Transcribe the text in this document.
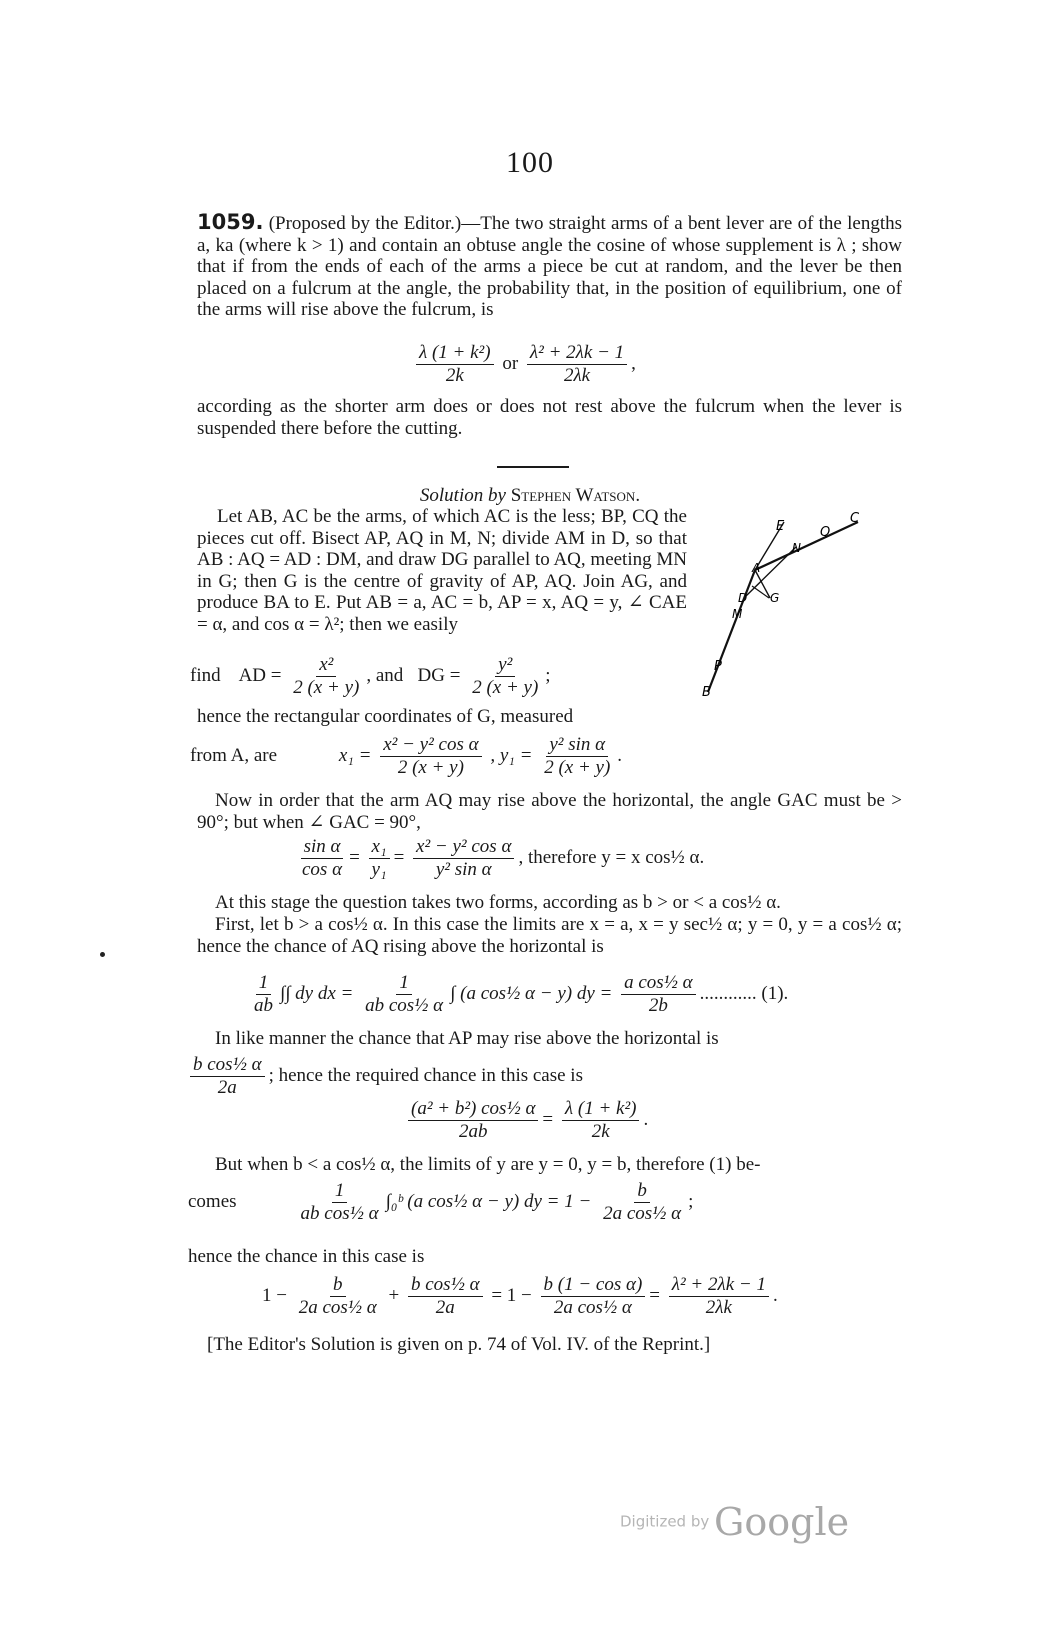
100
1059. (Proposed by the Editor.)—The two straight arms of a bent lever are of the lengths a, ka (where k > 1) and contain an obtuse angle the cosine of whose supplement is λ ; show that if from the ends of each of the arms a piece be cut at random, and the lever be then placed on a fulcrum at the angle, the probability that, in the position of equilibrium, one of the arms will rise above the fulcrum, is
$\frac{\text{λ (1 + k²)}}{2k}$ or $\frac{\text{λ² + 2λk − 1}}{2\lambda k}$ ,
according as the shorter arm does or does not rest above the fulcrum when the lever is suspended there before the cutting.
Solution by Stephen Watson.
Let AB, AC be the arms, of which AC is the less; BP, CQ the pieces cut off. Bisect AP, AQ in M, N; divide AM in D, so that AB : AQ = AD : DM, and draw DG parallel to AQ, meeting MN in G; then G is the centre of gravity of AP, AQ. Join AG, and produce BA to E. Put AB = a, AC = b, AP = x, AQ = y, ∠ CAE = α, and cos α = λ²; then we easily
E	Q
C
N
A
D G
M
P
B
find AD = $\frac{\text{x²}}{2 (x + y)}$ , and DG = $\frac{\text{y²}}{2 (x + y)}$ ;
hence the rectangular coordinates of G, measured
from A, are	$x_1 = \frac{\text{x² − y² cos α}}{2 (x + y)}$ , $y_1 = \frac{\text{y² sin α}}{2 (x + y)}$ .
Now in order that the arm AQ may rise above the horizontal, the angle GAC must be > 90°; but when ∠ GAC = 90°,
$\frac{\text{sin α}}{\text{cos α}} = \frac{\text{x₁}}{\text{y₁}} = \frac{\text{x² − y² cos α}}{\text{y² sin α}}$ , therefore y = x cos½ α.
At this stage the question takes two forms, according as b > or < a cos½ α.
First, let b > a cos½ α. In this case the limits are x = a, x = y sec½ α; y = 0, y = a cos½ α; hence the chance of AQ rising above the horizontal is
$\frac{1}{ab}$ ∫∫ dy dx = $\frac{1}{\text{ab cos½ α}}$ ∫ (a cos½ α − y) dy = $\frac{\text{a cos½ α}}{2b}$ ............ (1).
In like manner the chance that AP may rise above the horizontal is
$\frac{\text{b cos½ α}}{2a}$ ; hence the required chance in this case is
$\frac{\text{(a² + b²) cos½ α}}{2ab} = \frac{\text{λ (1 + k²)}}{2k}$ .
But when b < a cos½ α, the limits of y are y = 0, y = b, therefore (1) be-
comes	$\frac{1}{\text{ab cos½ α}}$ ∫₀ᵇ (a cos½ α − y) dy = $1 - \frac{b}{\text{2a cos½ α}}$ ;
hence the chance in this case is
$1 - \frac{b}{\text{2a cos½ α}} + \frac{\text{b cos½ α}}{2a} = 1 - \frac{\text{b (1 − cos α)}}{\text{2a cos½ α}} = \frac{\text{λ² + 2λk − 1}}{2\lambda k}$ .
[The Editor's Solution is given on p. 74 of Vol. IV. of the Reprint.]
Digitized by Google
